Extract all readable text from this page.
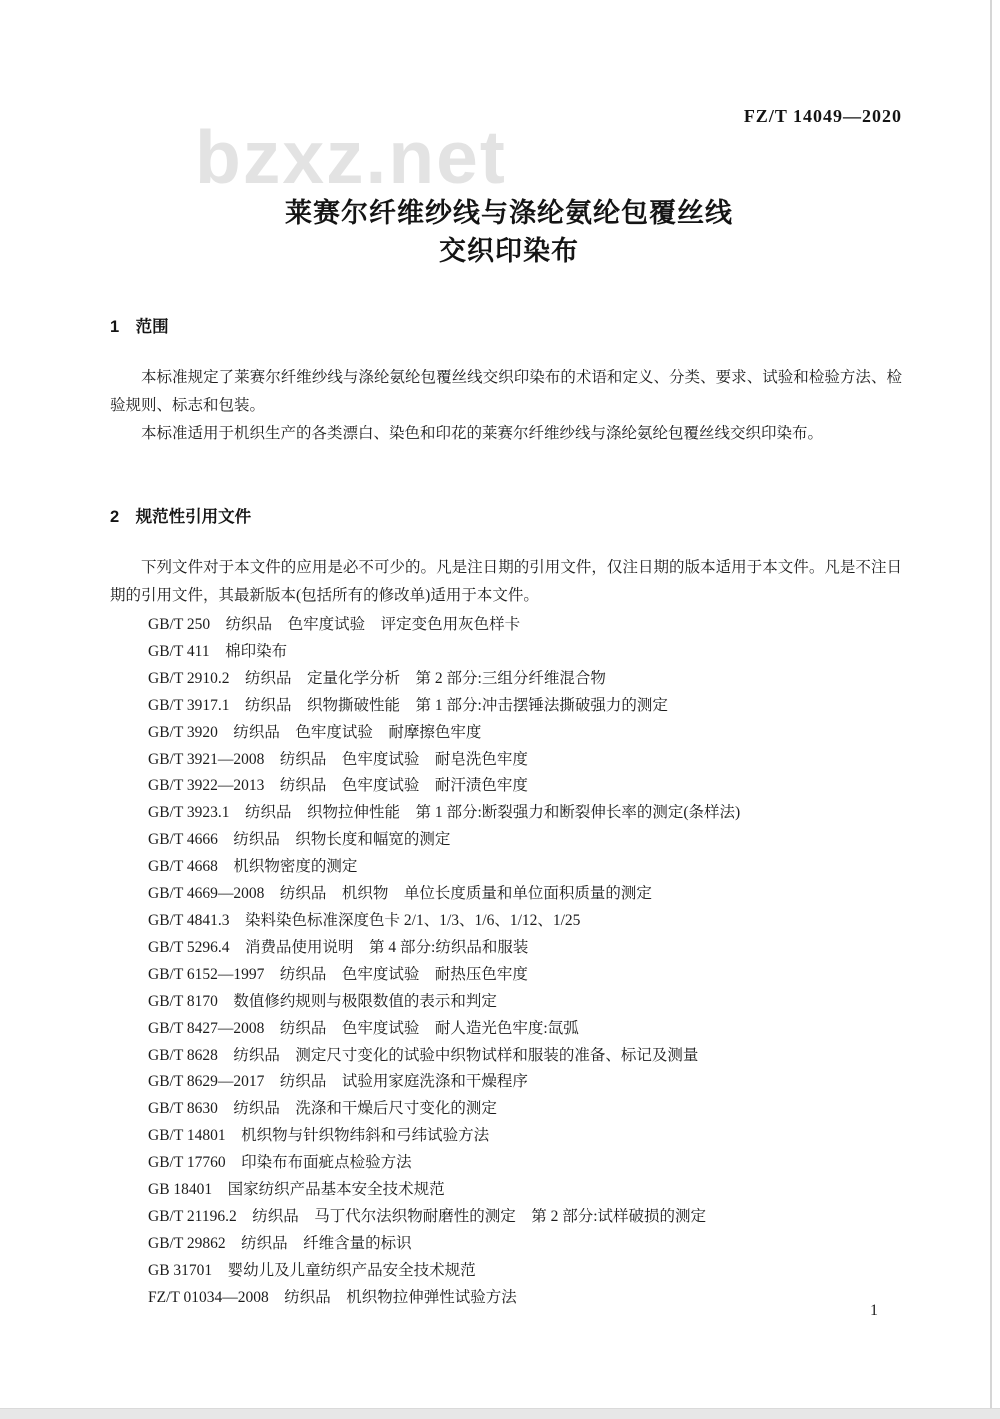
FZ/T 14049—2020
bzxz.net
莱赛尔纤维纱线与涤纶氨纶包覆丝线
交织印染布
1　范围

本标准规定了莱赛尔纤维纱线与涤纶氨纶包覆丝线交织印染布的术语和定义、分类、要求、试验和检验方法、检验规则、标志和包装。

本标准适用于机织生产的各类漂白、染色和印花的莱赛尔纤维纱线与涤纶氨纶包覆丝线交织印染布。

2　规范性引用文件

下列文件对于本文件的应用是必不可少的。凡是注日期的引用文件，仅注日期的版本适用于本文件。凡是不注日期的引用文件，其最新版本(包括所有的修改单)适用于本文件。

GB/T 250　纺织品　色牢度试验　评定变色用灰色样卡
GB/T 411　棉印染布
GB/T 2910.2　纺织品　定量化学分析　第 2 部分:三组分纤维混合物
GB/T 3917.1　纺织品　织物撕破性能　第 1 部分:冲击摆锤法撕破强力的测定
GB/T 3920　纺织品　色牢度试验　耐摩擦色牢度
GB/T 3921—2008　纺织品　色牢度试验　耐皂洗色牢度
GB/T 3922—2013　纺织品　色牢度试验　耐汗渍色牢度
GB/T 3923.1　纺织品　织物拉伸性能　第 1 部分:断裂强力和断裂伸长率的测定(条样法)
GB/T 4666　纺织品　织物长度和幅宽的测定
GB/T 4668　机织物密度的测定
GB/T 4669—2008　纺织品　机织物　单位长度质量和单位面积质量的测定
GB/T 4841.3　染料染色标准深度色卡 2/1、1/3、1/6、1/12、1/25
GB/T 5296.4　消费品使用说明　第 4 部分:纺织品和服装
GB/T 6152—1997　纺织品　色牢度试验　耐热压色牢度
GB/T 8170　数值修约规则与极限数值的表示和判定
GB/T 8427—2008　纺织品　色牢度试验　耐人造光色牢度:氙弧
GB/T 8628　纺织品　测定尺寸变化的试验中织物试样和服装的准备、标记及测量
GB/T 8629—2017　纺织品　试验用家庭洗涤和干燥程序
GB/T 8630　纺织品　洗涤和干燥后尺寸变化的测定
GB/T 14801　机织物与针织物纬斜和弓纬试验方法
GB/T 17760　印染布布面疵点检验方法
GB 18401　国家纺织产品基本安全技术规范
GB/T 21196.2　纺织品　马丁代尔法织物耐磨性的测定　第 2 部分:试样破损的测定
GB/T 29862　纺织品　纤维含量的标识
GB 31701　婴幼儿及儿童纺织产品安全技术规范
FZ/T 01034—2008　纺织品　机织物拉伸弹性试验方法
1
